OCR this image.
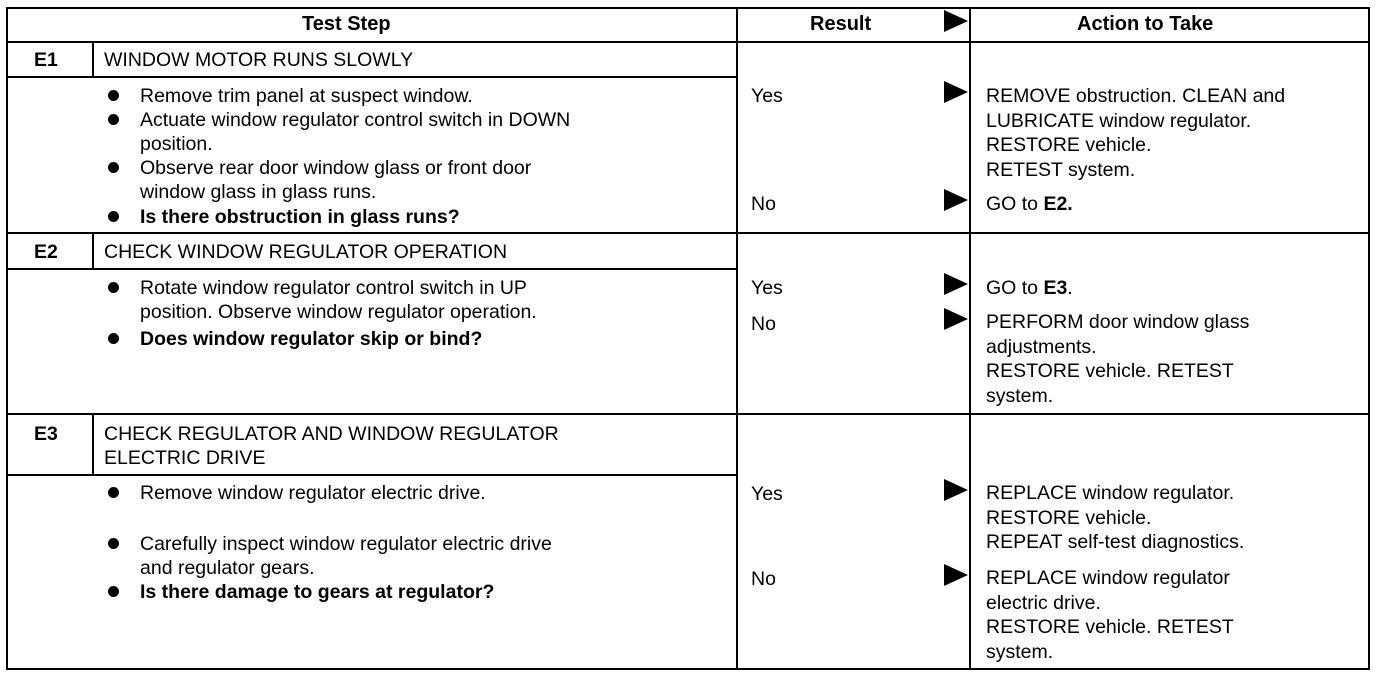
Test Step	Result	Action to Take
E1
E2
E3
WINDOW MOTOR RUNS SLOWLY
CHECK WINDOW REGULATOR OPERATION
CHECK REGULATOR AND WINDOW REGULATOR
ELECTRIC DRIVE
Remove trim panel at suspect window.
Actuate window regulator control switch in DOWN
position.
Observe rear door window glass or front door
window glass in glass runs.
Is there obstruction in glass runs?
Rotate window regulator control switch in UP
position. Observe window regulator operation.
Does window regulator skip or bind?
Remove window regulator electric drive.
Carefully inspect window regulator electric drive
and regulator gears.
Is there damage to gears at regulator?
Yes
No
Yes
No
Yes
No
REMOVE obstruction. CLEAN and
LUBRICATE window regulator.
RESTORE vehicle.
RETEST system.
GO to E2.
GO to E3.
PERFORM door window glass
adjustments.
RESTORE vehicle. RETEST
system.
REPLACE window regulator.
RESTORE vehicle.
REPEAT self-test diagnostics.
REPLACE window regulator
electric drive.
RESTORE vehicle. RETEST
system.
